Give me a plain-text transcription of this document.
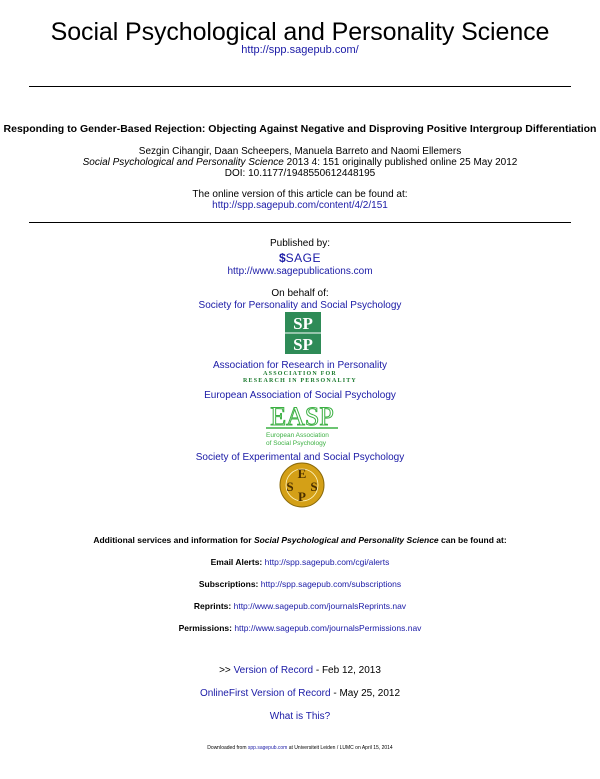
Social Psychological and Personality Science
http://spp.sagepub.com/
Responding to Gender-Based Rejection: Objecting Against Negative and Disproving Positive Intergroup Differentiation
Sezgin Cihangir, Daan Scheepers, Manuela Barreto and Naomi Ellemers
Social Psychological and Personality Science 2013 4: 151 originally published online 25 May 2012
DOI: 10.1177/1948550612448195
The online version of this article can be found at:
http://spp.sagepub.com/content/4/2/151
Published by:
$SAGE
http://www.sagepublications.com
On behalf of:
Society for Personality and Social Psychology
SP
SP
Association for Research in Personality
ASSOCIATION FOR
RESEARCH IN PERSONALITY
European Association of Social Psychology
EASP
European Association
of Social Psychology
Society of Experimental and Social Psychology
E
S
P
S
Additional services and information for Social Psychological and Personality Science can be found at:
Email Alerts: http://spp.sagepub.com/cgi/alerts
Subscriptions: http://spp.sagepub.com/subscriptions
Reprints: http://www.sagepub.com/journalsReprints.nav
Permissions: http://www.sagepub.com/journalsPermissions.nav
>> Version of Record - Feb 12, 2013
OnlineFirst Version of Record - May 25, 2012
What is This?
Downloaded from spp.sagepub.com at Universiteit Leiden / LUMC on April 15, 2014
